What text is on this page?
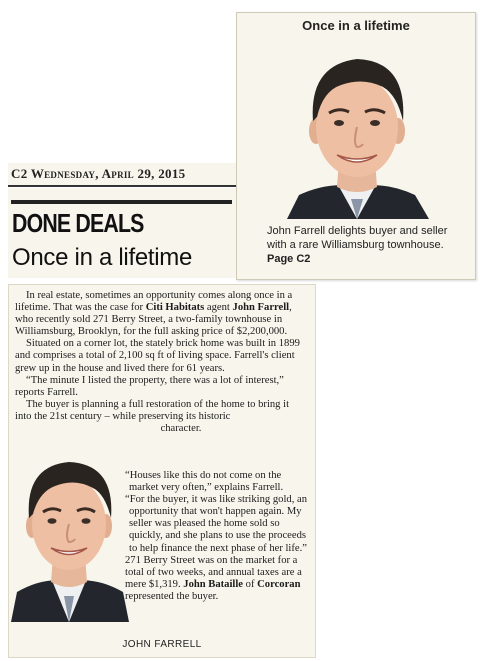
Once in a lifetime
John Farrell delights buyer and seller with a rare Williamsburg townhouse.
Page C2
C2 Wednesday, April 29, 2015
DONE DEALS
Once in a lifetime

In real estate, sometimes an opportunity comes along once in a lifetime. That was the case for Citi Habitats agent John Farrell, who recently sold 271 Berry Street, a two-family townhouse in Williamsburg, Brooklyn, for the full asking price of $2,200,000.

Situated on a corner lot, the stately brick home was built in 1899 and comprises a total of 2,100 sq ft of living space. Farrell's client grew up in the house and lived there for 61 years.

“The minute I listed the property, there was a lot of interest,” reports Farrell.

The buyer is planning a full restoration of the home to bring it into the 21st century – while preserving its historic

character.

“Houses like this do not come on the market very often,” explains Farrell.

“For the buyer, it was like striking gold, an opportunity that won't happen again. My seller was pleased the home sold so quickly, and she plans to use the proceeds to help finance the next phase of her life.”

271 Berry Street was on the market for a total of two weeks, and annual taxes are a mere $1,319. John Bataille of Corcoran represented the buyer.

JOHN FARRELL
